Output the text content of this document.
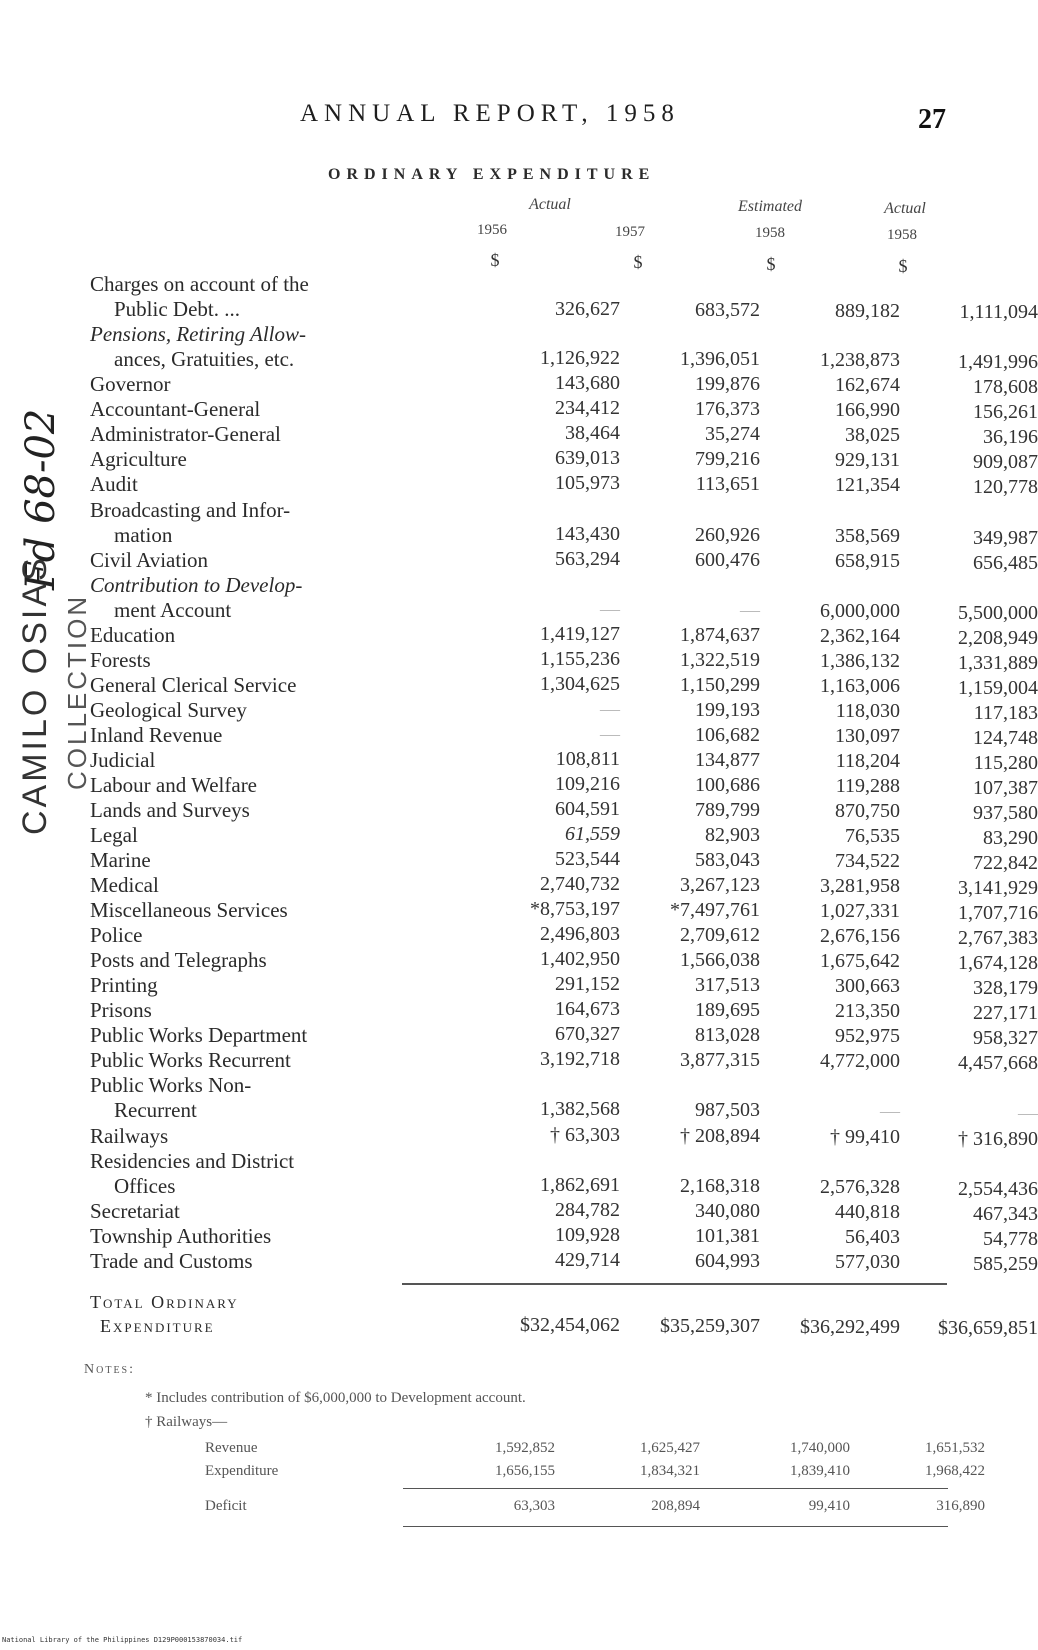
ANNUAL REPORT, 1958	27
ORDINARY EXPENDITURE
Actual	Estimated	Actual
1956	1957	1958	1958
$	$	$	$
Charges on account of the
Public Debt. ...	326,627	683,572	889,182	1,111,094
Pensions, Retiring Allow-
ances, Gratuities, etc.	1,126,922	1,396,051	1,238,873	1,491,996
Governor	143,680	199,876	162,674	178,608
Accountant-General	234,412	176,373	166,990	156,261
Administrator-General	38,464	35,274	38,025	36,196
Agriculture	639,013	799,216	929,131	909,087
Audit	105,973	113,651	121,354	120,778
Broadcasting and Infor-
mation	143,430	260,926	358,569	349,987
Civil Aviation	563,294	600,476	658,915	656,485
Contribution to Develop-
ment Account	—	—	6,000,000	5,500,000
Education	1,419,127	1,874,637	2,362,164	2,208,949
Forests	1,155,236	1,322,519	1,386,132	1,331,889
General Clerical Service	1,304,625	1,150,299	1,163,006	1,159,004
Geological Survey	—	199,193	118,030	117,183
Inland Revenue	—	106,682	130,097	124,748
Judicial	108,811	134,877	118,204	115,280
Labour and Welfare	109,216	100,686	119,288	107,387
Lands and Surveys	604,591	789,799	870,750	937,580
Legal	61,559	82,903	76,535	83,290
Marine	523,544	583,043	734,522	722,842
Medical	2,740,732	3,267,123	3,281,958	3,141,929
Miscellaneous Services	*8,753,197	*7,497,761	1,027,331	1,707,716
Police	2,496,803	2,709,612	2,676,156	2,767,383
Posts and Telegraphs	1,402,950	1,566,038	1,675,642	1,674,128
Printing	291,152	317,513	300,663	328,179
Prisons	164,673	189,695	213,350	227,171
Public Works Department	670,327	813,028	952,975	958,327
Public Works Recurrent	3,192,718	3,877,315	4,772,000	4,457,668
Public Works Non-
Recurrent	1,382,568	987,503	—	—
Railways	† 63,303	† 208,894	† 99,410	† 316,890
Residencies and District
Offices	1,862,691	2,168,318	2,576,328	2,554,436
Secretariat	284,782	340,080	440,818	467,343
Township Authorities	109,928	101,381	56,403	54,778
Trade and Customs	429,714	604,993	577,030	585,259
Total Ordinary
Expenditure	$32,454,062	$35,259,307	$36,292,499	$36,659,851
Notes:
* Includes contribution of $6,000,000 to Development account.
† Railways—
Revenue	1,592,852	1,625,427	1,740,000	1,651,532
Expenditure	1,656,155	1,834,321	1,839,410	1,968,422
Deficit	63,303	208,894	99,410	316,890
Fd 68-02
CAMILO OSIAS COLLECTION
National Library of the Philippines D129P000153870034.tif
